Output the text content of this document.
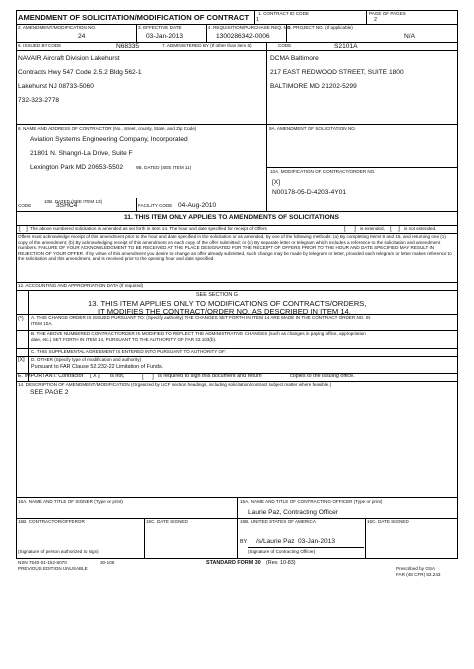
AMENDMENT OF SOLICITATION/MODIFICATION OF CONTRACT 1. CONTRACT ID CODE	PAGE OF PAGES
1	2
2. AMENDMENT/MODIFICATION NO.
24
3. EFFECTIVE DATE
03-Jan-2013
4. REQUISITION/PURCHASE REQ. NO.
1300286342-0006
5. PROJECT NO. (If applicable)
N/A
6. ISSUED BY CODE	N68335	7. ADMINISTERED BY (If other than item 6)	CODE	S2101A
NAVAIR Aircraft Division Lakehurst
Contracts Hwy 547 Code 2.5.2 Bldg 562-1
Lakehurst NJ 08733-5060
732-323-2778
DCMA Baltimore
217 EAST REDWOOD STREET, SUITE 1800
BALTIMORE MD 21202-5299
8. NAME AND ADDRESS OF CONTRACTOR (No., street, county, State, and Zip Code)	9A. AMENDMENT OF SOLICITATION NO.
Aviation Systems Engineering Company, Incorporated
21801 N. Shangri-La Drive, Suite F
Lexington Park MD 20653-5502	9B. DATED (SEE ITEM 11)
10A. MODIFICATION OF CONTRACT/ORDER NO.
[X]
N00178-05-D-4203-4Y01
10B. DATED (SEE ITEM 13)
CODE	3SHC4	FACILITY CODE 04-Aug-2010
11. THIS ITEM ONLY APPLIES TO AMENDMENTS OF SOLICITATIONS
[ ] The above numbered solicitation is amended as set forth in Item 14. The hour and date specified for receipt of Offers	[	] is extended, [	] is not extended.
Offers must acknowledge receipt of this amendment prior to the hour and date specified in the solicitation or as amended, by one of the following methods: (a) By completing Items 8 and 15, and returning one (1) copy of the amendment; (b) By acknowledging receipt of this amendment on each copy of the offer submitted; or (c) By separate letter or telegram which includes a reference to the solicitation and amendment numbers. FAILURE OF YOUR ACKNOWLEDGMENT TO BE RECEIVED AT THE PLACE DESIGNATED FOR THE RECEIPT OF OFFERS PRIOR TO THE HOUR AND DATE SPECIFIED MAY RESULT IN REJECTION OF YOUR OFFER. If by virtue of this amendment you desire to change an offer already submitted, such change may be made by telegram or letter, provided each telegram or letter makes reference to the solicitation and this amendment, and is received prior to the opening hour and date specified.
12. ACCOUNTING AND APPROPRIATION DATA (If required)
SEE SECTION G
13. THIS ITEM APPLIES ONLY TO MODIFICATIONS OF CONTRACTS/ORDERS,
IT MODIFIES THE CONTRACT/ORDER NO. AS DESCRIBED IN ITEM 14.
(*) A. THIS CHANGE ORDER IS ISSUED PURSUANT TO: (Specify authority) THE CHANGES SET FORTH IN ITEM 14 ARE MADE IN THE CONTRACT ORDER NO. IN
ITEM 10A.
B. THE ABOVE NUMBERED CONTRACT/ORDER IS MODIFIED TO REFLECT THE ADMINISTRATIVE CHANGES (such as changes in paying office, appropriation
date, etc.) SET FORTH IN ITEM 14, PURSUANT TO THE AUTHORITY OF FAR 43.103(b).
C. THIS SUPPLEMENTAL AGREEMENT IS ENTERED INTO PURSUANT TO AUTHORITY OF:
[X] D. OTHER (Specify type of modification and authority)
Pursuant to FAR Clause 52.232-22 Limitation of Funds.
E. IMPORTANT: Contractor [ X ] is not,	[	] is required to sign this document and return	copies to the issuing office.
14. DESCRIPTION OF AMENDMENT/MODIFICATION (Organized by UCF section headings, including solicitation/contract subject matter where feasible.)
SEE PAGE 2
15A. NAME AND TITLE OF SIGNER (Type or print)	16A. NAME AND TITLE OF CONTRACTING OFFICER (Type or print)
Laurie Paz, Contracting Officer
15B. CONTRACTOR/OFFEROR	15C. DATE SIGNED	16B. UNITED STATES OF AMERICA	16C. DATE SIGNED
BY /s/Laurie Paz 03-Jan-2013
(Signature of person authorized to sign)	(Signature of Contracting Officer)
NSN 7540-01-152-8070	30-105
PREVIOUS EDITION UNUSABLE
STANDARD FORM 30 (Rev. 10-83)
Prescribed by GSA
FAR (48 CFR) 53.243
